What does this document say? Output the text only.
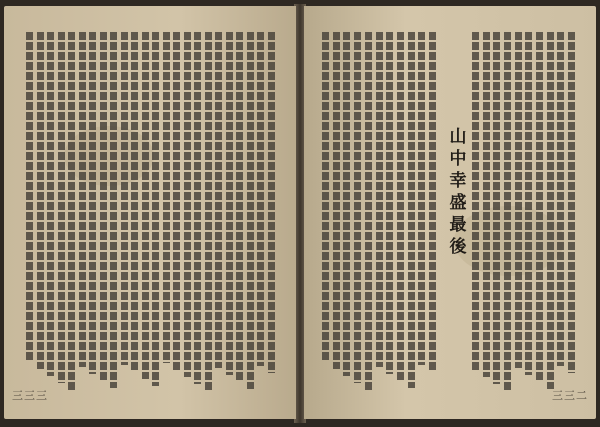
三三三
山
中
幸
盛
最
後
三三二
